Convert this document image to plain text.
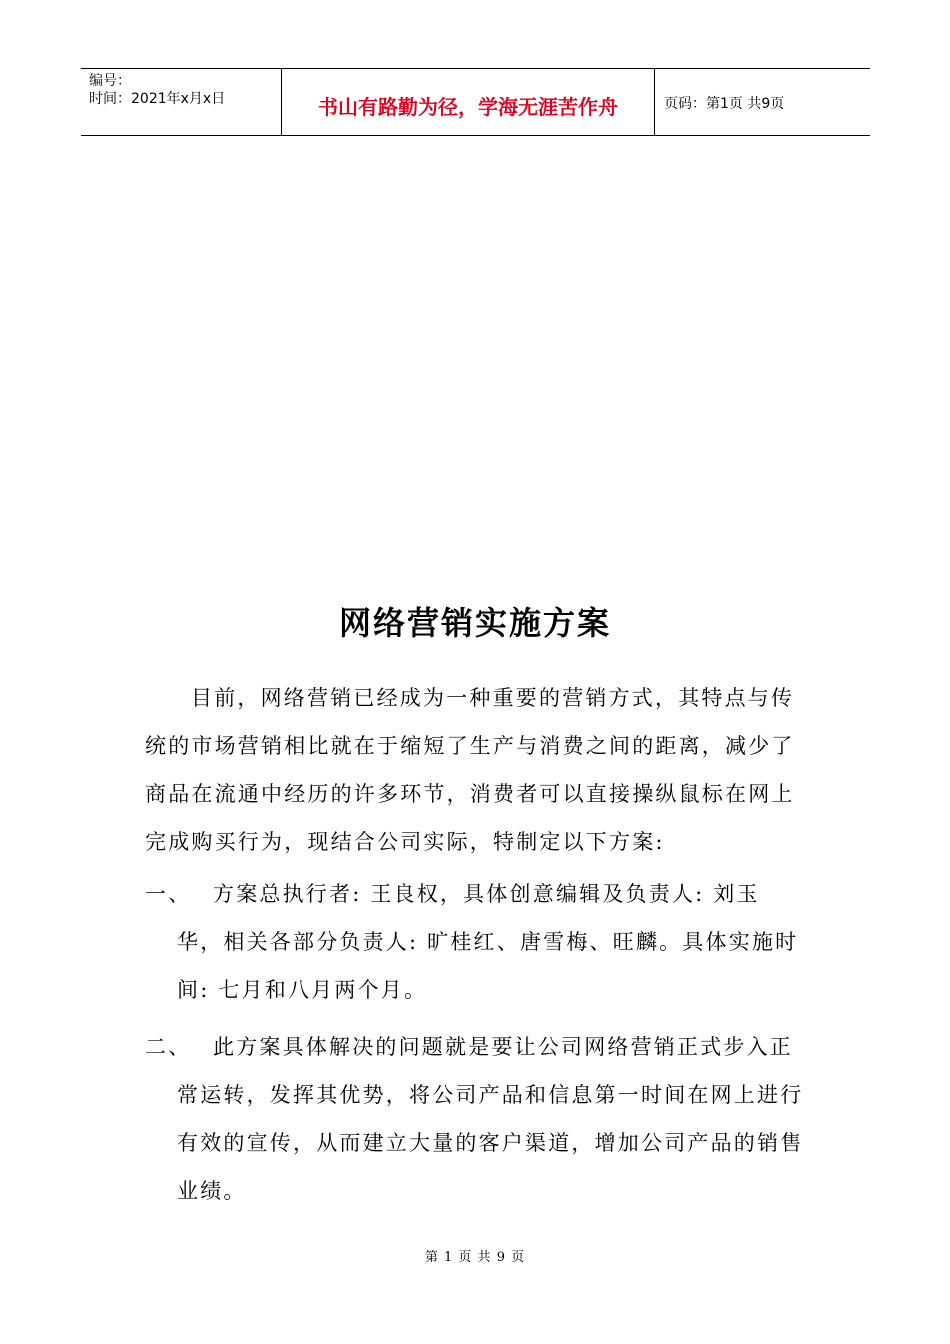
编号：
时间：2021年x月x日	书山有路勤为径，学海无涯苦作舟	页码：第1页 共9页
网络营销实施方案

目前，网络营销已经成为一种重要的营销方式，其特点与传统的市场营销相比就在于缩短了生产与消费之间的距离，减少了商品在流通中经历的许多环节，消费者可以直接操纵鼠标在网上完成购买行为，现结合公司实际，特制定以下方案:

一、 方案总执行者: 王良权，具体创意编辑及负责人: 刘玉华，相关各部分负责人: 旷桂红、唐雪梅、旺麟。具体实施时间: 七月和八月两个月。
二、 此方案具体解决的问题就是要让公司网络营销正式步入正常运转，发挥其优势，将公司产品和信息第一时间在网上进行有效的宣传，从而建立大量的客户渠道，增加公司产品的销售业绩。
第 1 页 共 9 页
